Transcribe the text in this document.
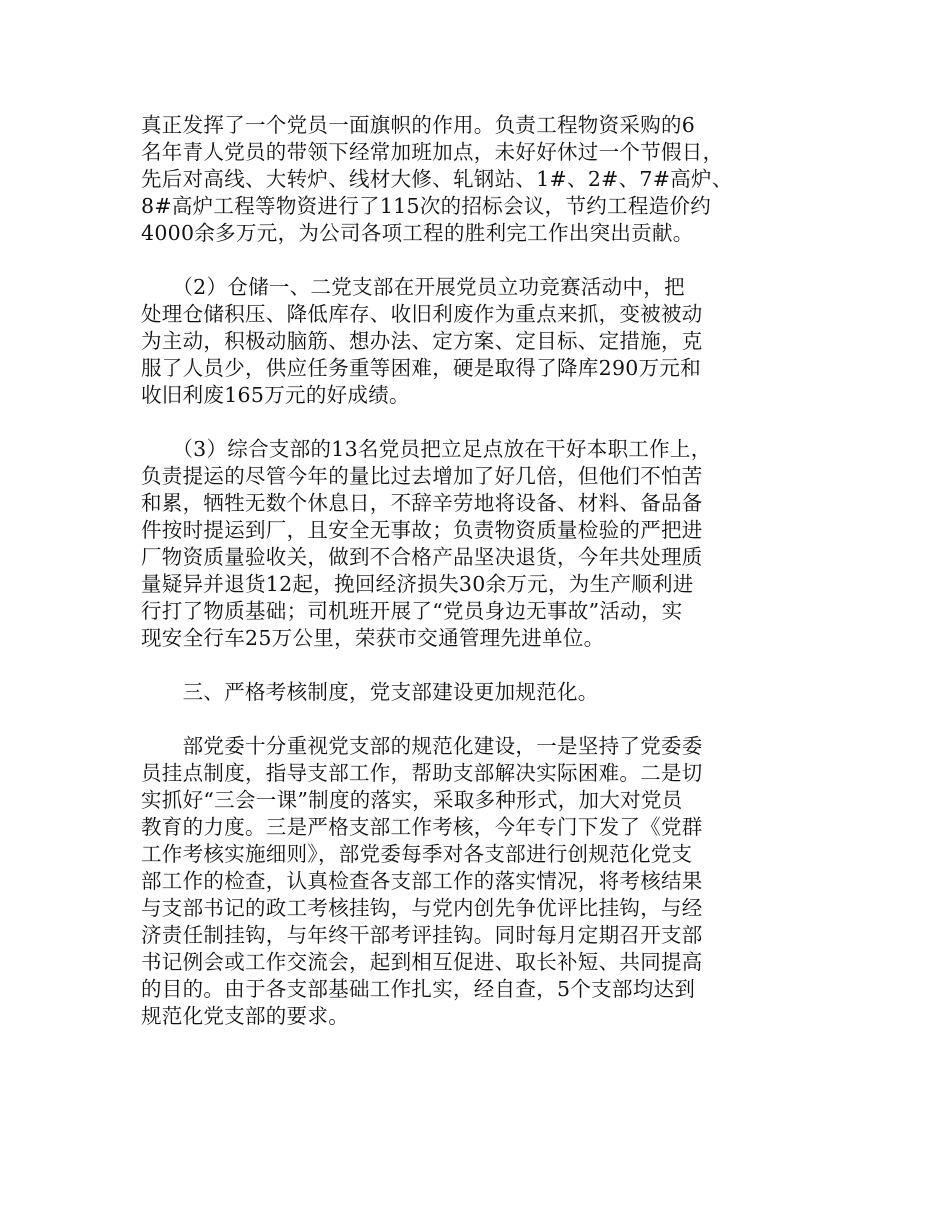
真正发挥了一个党员一面旗帜的作用。负责工程物资采购的6
名年青人党员的带领下经常加班加点，未好好休过一个节假日，
先后对高线、大转炉、线材大修、轧钢站、1#、2#、7#高炉、
8#高炉工程等物资进行了115次的招标会议，节约工程造价约
4000余多万元，为公司各项工程的胜利完工作出突出贡献。

　　（2）仓储一、二党支部在开展党员立功竞赛活动中，把
处理仓储积压、降低库存、收旧利废作为重点来抓，变被被动
为主动，积极动脑筋、想办法、定方案、定目标、定措施，克
服了人员少，供应任务重等困难，硬是取得了降库290万元和
收旧利废165万元的好成绩。

　　（3）综合支部的13名党员把立足点放在干好本职工作上，
负责提运的尽管今年的量比过去增加了好几倍，但他们不怕苦
和累，牺牲无数个休息日，不辞辛劳地将设备、材料、备品备
件按时提运到厂，且安全无事故；负责物资质量检验的严把进
厂物资质量验收关，做到不合格产品坚决退货，今年共处理质
量疑异并退货12起，挽回经济损失30余万元，为生产顺利进
行打了物质基础；司机班开展了“党员身边无事故”活动，实
现安全行车25万公里，荣获市交通管理先进单位。

　　三、严格考核制度，党支部建设更加规范化。

　　部党委十分重视党支部的规范化建设，一是坚持了党委委
员挂点制度，指导支部工作，帮助支部解决实际困难。二是切
实抓好“三会一课”制度的落实，采取多种形式，加大对党员
教育的力度。三是严格支部工作考核，今年专门下发了《党群
工作考核实施细则》，部党委每季对各支部进行创规范化党支
部工作的检查，认真检查各支部工作的落实情况，将考核结果
与支部书记的政工考核挂钩，与党内创先争优评比挂钩，与经
济责任制挂钩，与年终干部考评挂钩。同时每月定期召开支部
书记例会或工作交流会，起到相互促进、取长补短、共同提高
的目的。由于各支部基础工作扎实，经自查，5个支部均达到
规范化党支部的要求。
